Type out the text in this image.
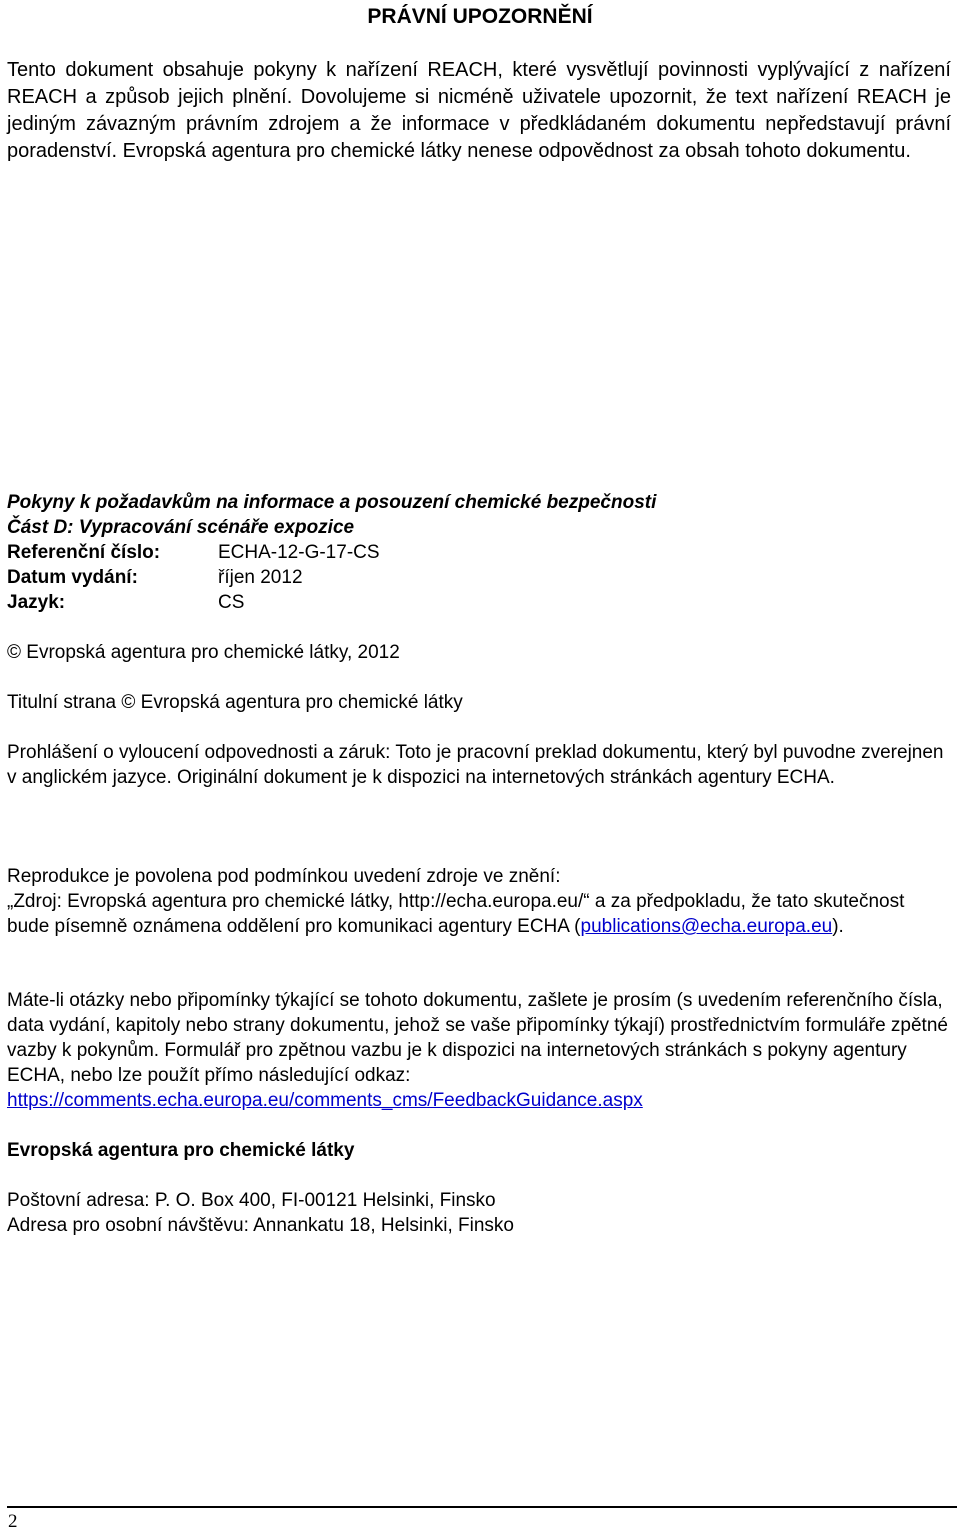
PRÁVNÍ UPOZORNĚNÍ

Tento dokument obsahuje pokyny k nařízení REACH, které vysvětlují povinnosti vyplývající z nařízení REACH a způsob jejich plnění. Dovolujeme si nicméně uživatele upozornit, že text nařízení REACH je jediným závazným právním zdrojem a že informace v předkládaném dokumentu nepředstavují právní poradenství. Evropská agentura pro chemické látky nenese odpovědnost za obsah tohoto dokumentu.

Pokyny k požadavkům na informace a posouzení chemické bezpečnosti
Část D: Vypracování scénáře expozice
Referenční číslo:	ECHA-12-G-17-CS
Datum vydání:	říjen 2012
Jazyk:	CS
© Evropská agentura pro chemické látky, 2012
Titulní strana © Evropská agentura pro chemické látky
Prohlášení o vyloucení odpovednosti a záruk: Toto je pracovní preklad dokumentu, který byl puvodne zverejnen v anglickém jazyce. Originální dokument je k dispozici na internetových stránkách agentury ECHA.
Reprodukce je povolena pod podmínkou uvedení zdroje ve znění:
„Zdroj: Evropská agentura pro chemické látky, http://echa.europa.eu/“ a za předpokladu, že tato skutečnost bude písemně oznámena oddělení pro komunikaci agentury ECHA (publications@echa.europa.eu).
Máte-li otázky nebo připomínky týkající se tohoto dokumentu, zašlete je prosím (s uvedením referenčního čísla, data vydání, kapitoly nebo strany dokumentu, jehož se vaše připomínky týkají) prostřednictvím formuláře zpětné vazby k pokynům. Formulář pro zpětnou vazbu je k dispozici na internetových stránkách s pokyny agentury ECHA, nebo lze použít přímo následující odkaz:
https://comments.echa.europa.eu/comments_cms/FeedbackGuidance.aspx
Evropská agentura pro chemické látky
Poštovní adresa: P. O. Box 400, FI-00121 Helsinki, Finsko
Adresa pro osobní návštěvu: Annankatu 18, Helsinki, Finsko
2
